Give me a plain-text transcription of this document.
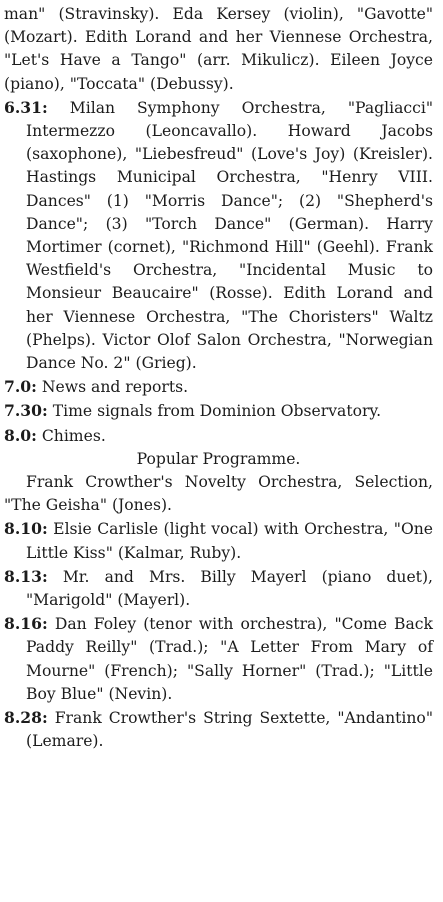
man" (Stravinsky). Eda Kersey (violin), "Gavotte" (Mozart). Edith Lorand and her Viennese Orchestra, "Let's Have a Tango" (arr. Mikulicz). Eileen Joyce (piano), "Toccata" (Debussy).

6.31: Milan Symphony Orchestra, "Pagliacci" Intermezzo (Leoncavallo). Howard Jacobs (saxophone), "Liebesfreud" (Love's Joy) (Kreisler). Hastings Municipal Orchestra, "Henry VIII. Dances" (1) "Morris Dance"; (2) "Shepherd's Dance"; (3) "Torch Dance" (German). Harry Mortimer (cornet), "Richmond Hill" (Geehl). Frank Westfield's Orchestra, "Incidental Music to Monsieur Beaucaire" (Rosse). Edith Lorand and her Viennese Orchestra, "The Choristers" Waltz (Phelps). Victor Olof Salon Orchestra, "Norwegian Dance No. 2" (Grieg).

7.0: News and reports.

7.30: Time signals from Dominion Observatory.

8.0: Chimes.

Popular Programme.

Frank Crowther's Novelty Orchestra, Selection, "The Geisha" (Jones).

8.10: Elsie Carlisle (light vocal) with Orchestra, "One Little Kiss" (Kalmar, Ruby).

8.13: Mr. and Mrs. Billy Mayerl (piano duet), "Marigold" (Mayerl).

8.16: Dan Foley (tenor with orchestra), "Come Back Paddy Reilly" (Trad.); "A Letter From Mary of Mourne" (French); "Sally Horner" (Trad.); "Little Boy Blue" (Nevin).

8.28: Frank Crowther's String Sextette, "Andantino" (Lemare).
